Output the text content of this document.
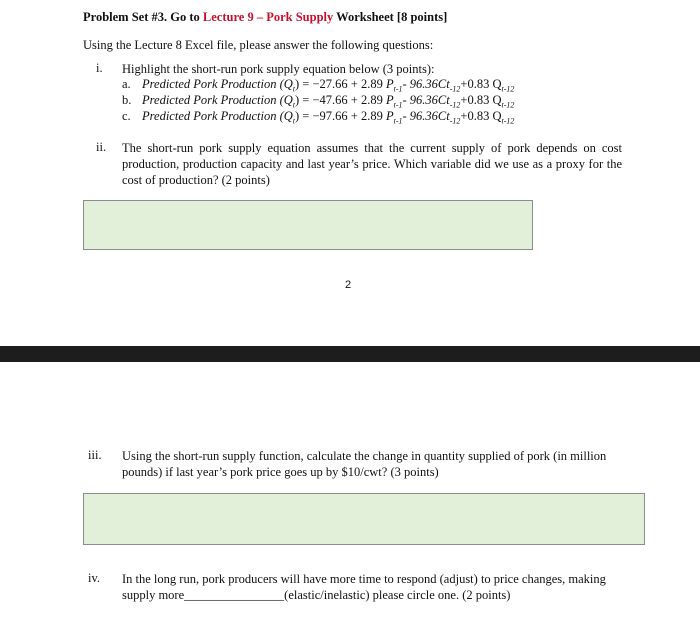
Problem Set #3. Go to Lecture 9 – Pork Supply Worksheet [8 points]
Using the Lecture 8 Excel file, please answer the following questions:
i. Highlight the short-run pork supply equation below (3 points):
a. Predicted Pork Production $(Q_t) = -27.66 + 2.89$ $P_{t-1}-$ $96.36Ct_{-12}+0.83$ $Q_{t-12}$
b. Predicted Pork Production $(Q_t) = -47.66 + 2.89$ $P_{t-1}-$ $96.36Ct_{-12}+0.83$ $Q_{t-12}$
c. Predicted Pork Production $(Q_t) = -97.66 + 2.89$ $P_{t-1}-$ $96.36Ct_{-12}+0.83$ $Q_{t-12}$
ii. The short-run pork supply equation assumes that the current supply of pork depends on cost production, production capacity and last year’s price. Which variable did we use as a proxy for the cost of production? (2 points)
2
iii. Using the short-run supply function, calculate the change in quantity supplied of pork (in million pounds) if last year’s pork price goes up by $10/cwt? (3 points)
iv. In the long run, pork producers will have more time to respond (adjust) to price changes, making
supply more________________(elastic/inelastic) please circle one. (2 points)
